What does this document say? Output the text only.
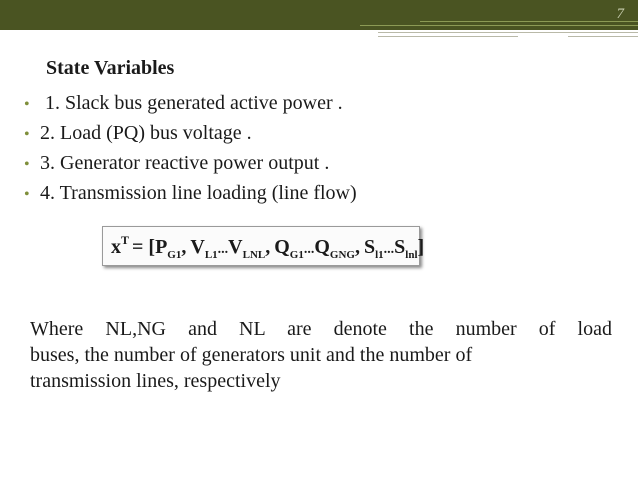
7
State Variables
• 1. Slack bus generated active power .
• 2. Load (PQ) bus voltage .
• 3. Generator reactive power output .
• 4. Transmission line loading (line flow)
$x^T = [P_{G1}$, $V_{L1}^{...}V_{LNL}$, $Q_{G1}^{...}Q_{GNG}$, $S_{l1}^{...}S_{lnl}$]
Where NL,NG and NL are denote the number of load
buses, the number of generators unit and the number of
transmission lines, respectively
